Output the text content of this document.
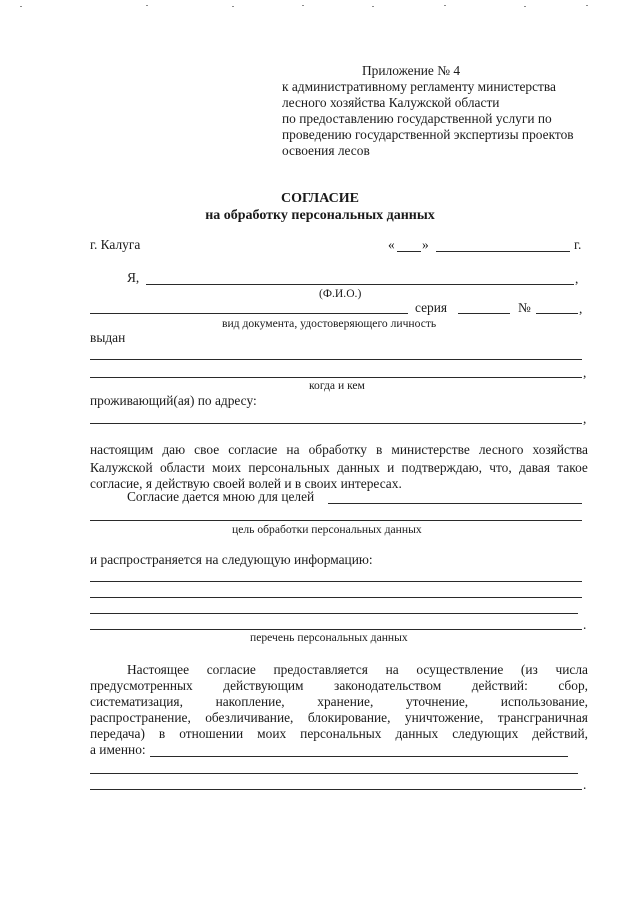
Приложение № 4
к административному регламенту министерства
лесного хозяйства Калужской области
по предоставлению государственной услуги по
проведению государственной экспертизы проектов
освоения лесов
СОГЛАСИЕ
на обработку персональных данных
г. Калуга	« »	г.
Я,	,
(Ф.И.О.)
серия	№	,
вид документа, удостоверяющего личность
выдан
,
когда и кем
проживающий(ая) по адресу:
,
настоящим даю свое согласие на обработку в министерстве лесного хозяйства
Калужской области моих персональных данных и подтверждаю, что, давая такое
согласие, я действую своей волей и в своих интересах.
Согласие дается мною для целей
цель обработки персональных данных
и распространяется на следующую информацию:
.
перечень персональных данных
Настоящее согласие предоставляется на осуществление (из числа
предусмотренных действующим законодательством действий: сбор,
систематизация, накопление, хранение, уточнение, использование,
распространение, обезличивание, блокирование, уничтожение, трансграничная
передача) в отношении моих персональных данных следующих действий,
а именно:
.
